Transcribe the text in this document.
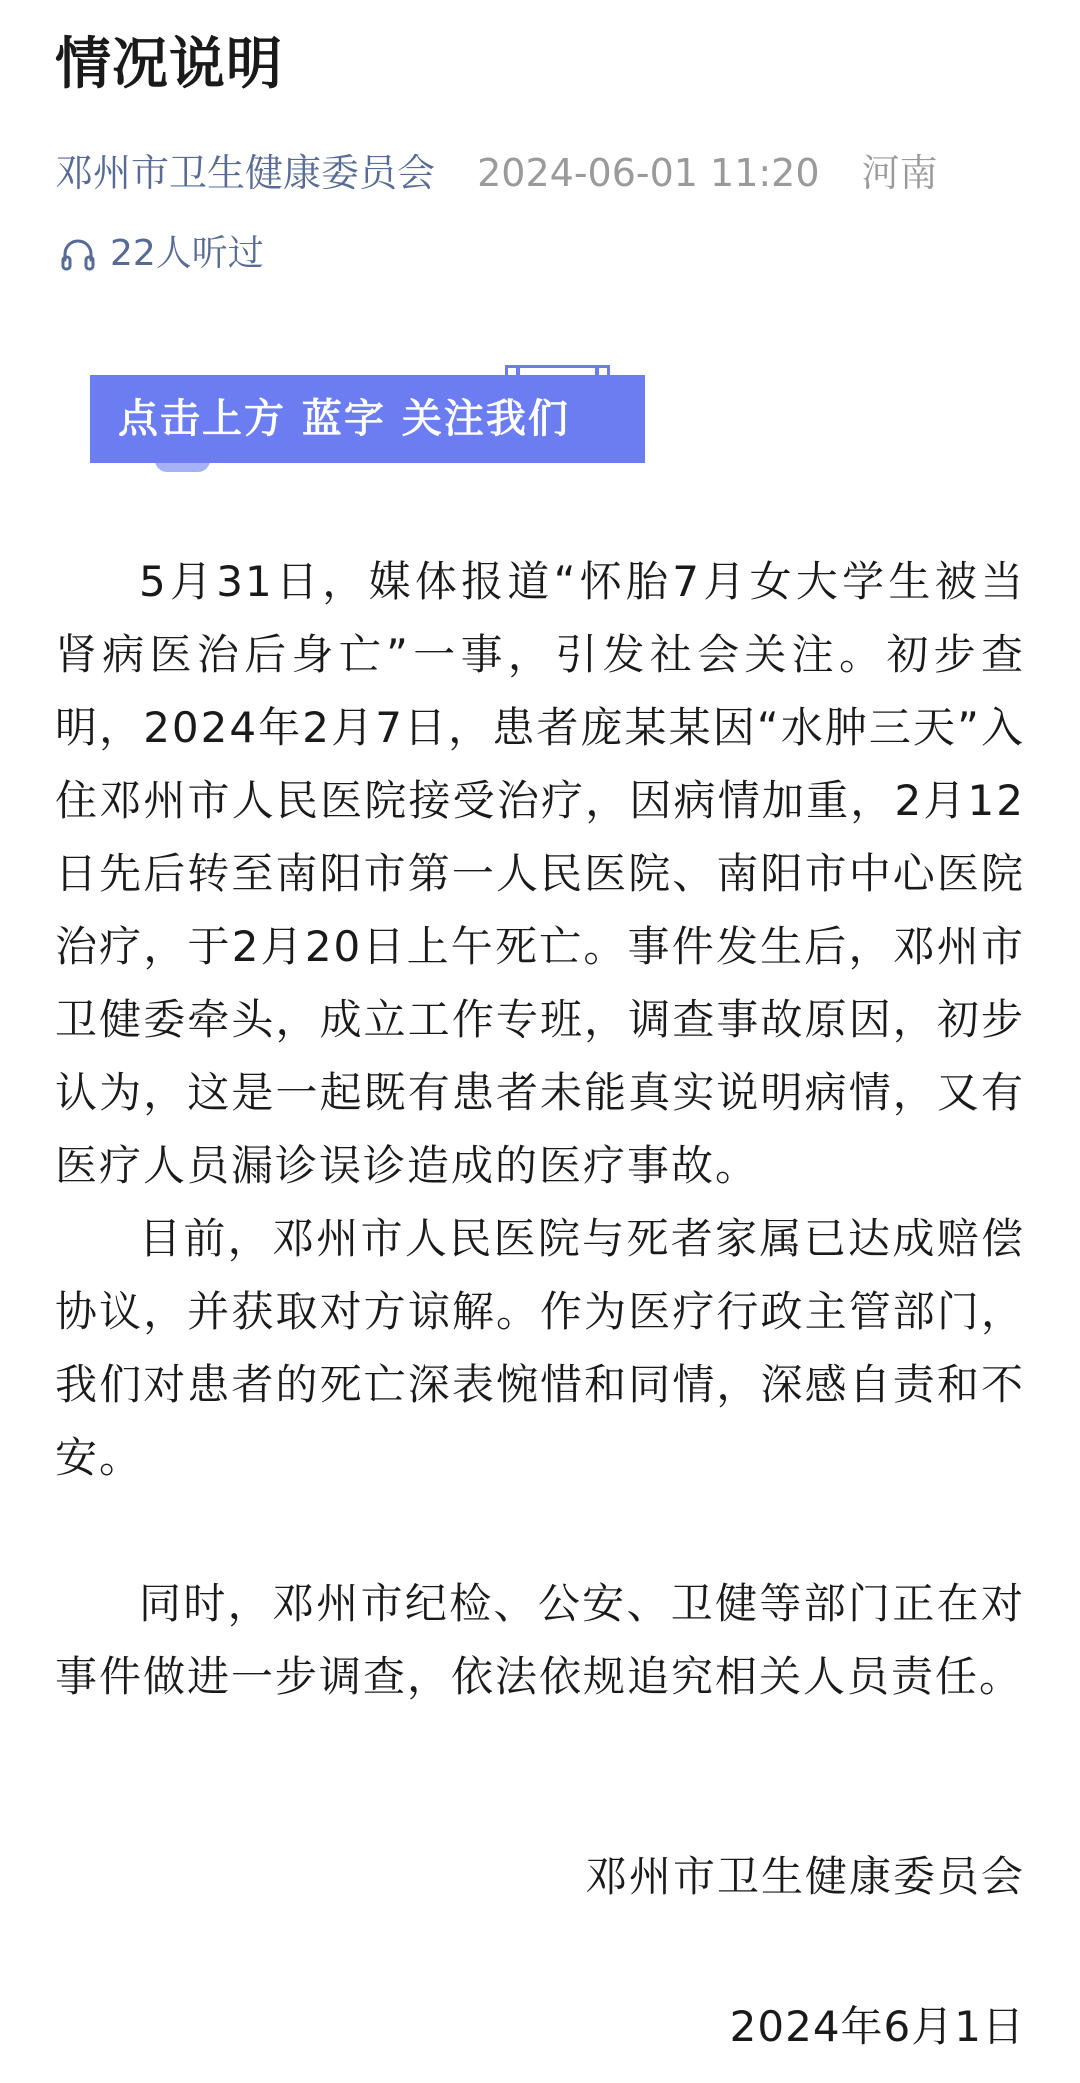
情况说明
邓州市卫生健康委员会 2024-06-01 11:20 河南
22人听过
点击上方 蓝字 关注我们

5月31日，媒体报道“怀胎7月女大学生被当肾病医治后身亡”一事，引发社会关注。初步查明，2024年2月7日，患者庞某某因“水肿三天”入住邓州市人民医院接受治疗，因病情加重，2月12日先后转至南阳市第一人民医院、南阳市中心医院治疗，于2月20日上午死亡。事件发生后，邓州市卫健委牵头，成立工作专班，调查事故原因，初步认为，这是一起既有患者未能真实说明病情，又有医疗人员漏诊误诊造成的医疗事故。

目前，邓州市人民医院与死者家属已达成赔偿协议，并获取对方谅解。作为医疗行政主管部门，我们对患者的死亡深表惋惜和同情，深感自责和不安。

同时，邓州市纪检、公安、卫健等部门正在对事件做进一步调查，依法依规追究相关人员责任。

邓州市卫生健康委员会
2024年6月1日
